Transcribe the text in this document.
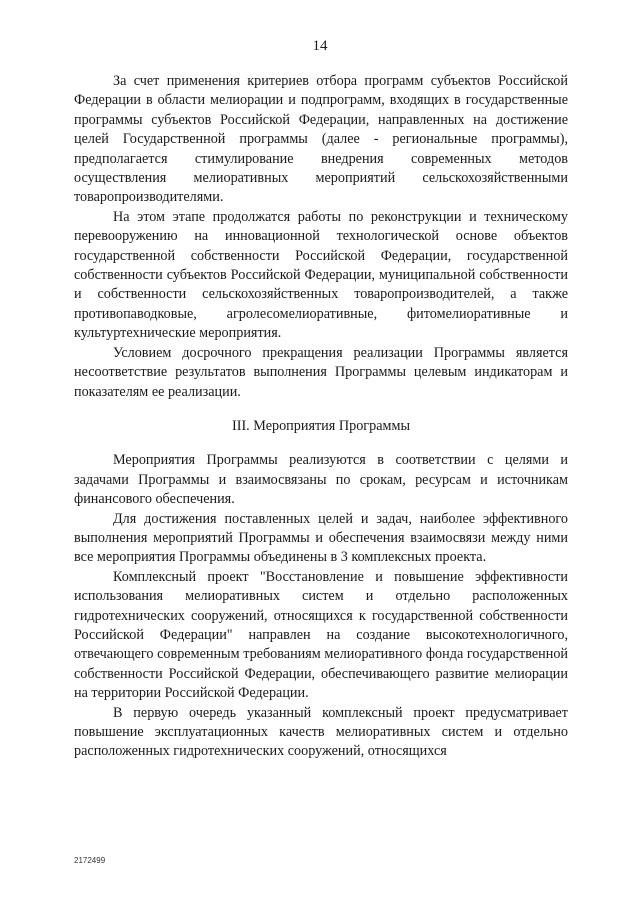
14

За счет применения критериев отбора программ субъектов Российской Федерации в области мелиорации и подпрограмм, входящих в государственные программы субъектов Российской Федерации, направленных на достижение целей Государственной программы (далее - региональные программы), предполагается стимулирование внедрения современных методов осуществления мелиоративных мероприятий сельскохозяйственными товаропроизводителями.

На этом этапе продолжатся работы по реконструкции и техническому перевооружению на инновационной технологической основе объектов государственной собственности Российской Федерации, государственной собственности субъектов Российской Федерации, муниципальной собственности и собственности сельскохозяйственных товаропроизводителей, а также противопаводковые, агролесомелиоративные, фитомелиоративные и культуртехнические мероприятия.

Условием досрочного прекращения реализации Программы является несоответствие результатов выполнения Программы целевым индикаторам и показателям ее реализации.

III. Мероприятия Программы

Мероприятия Программы реализуются в соответствии с целями и задачами Программы и взаимосвязаны по срокам, ресурсам и источникам финансового обеспечения.

Для достижения поставленных целей и задач, наиболее эффективного выполнения мероприятий Программы и обеспечения взаимосвязи между ними все мероприятия Программы объединены в 3 комплексных проекта.

Комплексный проект "Восстановление и повышение эффективности использования мелиоративных систем и отдельно расположенных гидротехнических сооружений, относящихся к государственной собственности Российской Федерации" направлен на создание высокотехнологичного, отвечающего современным требованиям мелиоративного фонда государственной собственности Российской Федерации, обеспечивающего развитие мелиорации на территории Российской Федерации.

В первую очередь указанный комплексный проект предусматривает повышение эксплуатационных качеств мелиоративных систем и отдельно расположенных гидротехнических сооружений, относящихся

2172499
